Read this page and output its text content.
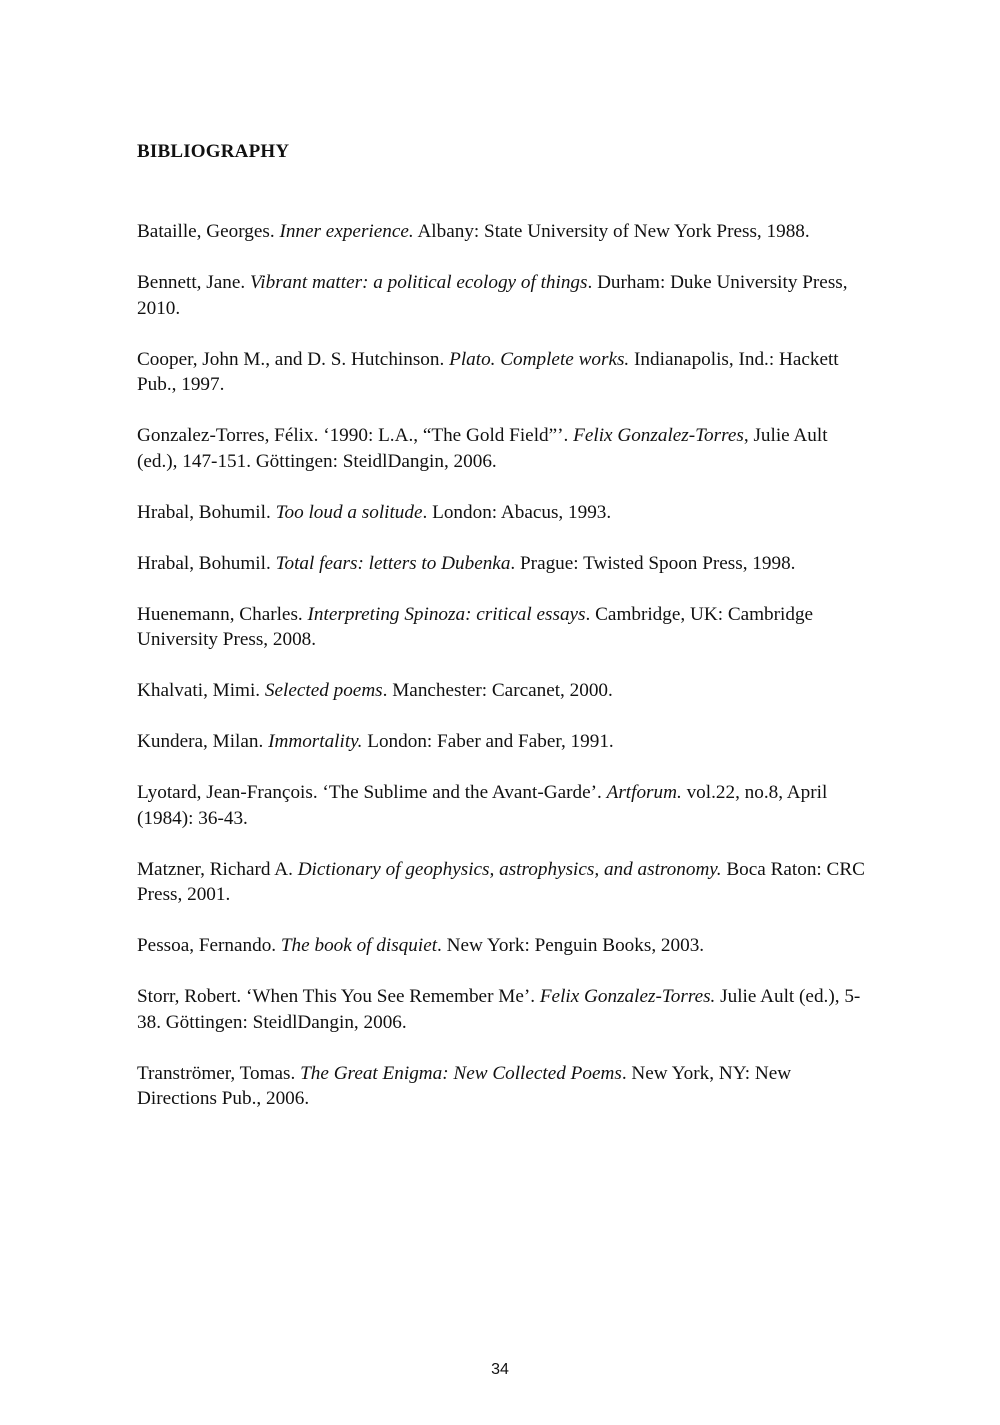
BIBLIOGRAPHY
Bataille, Georges. Inner experience. Albany: State University of New York Press, 1988.
Bennett, Jane. Vibrant matter: a political ecology of things. Durham: Duke University Press, 2010.
Cooper, John M., and D. S. Hutchinson. Plato. Complete works. Indianapolis, Ind.: Hackett Pub., 1997.
Gonzalez-Torres, Félix. ‘1990: L.A., “The Gold Field”’. Felix Gonzalez-Torres, Julie Ault (ed.), 147-151. Göttingen: SteidlDangin, 2006.
Hrabal, Bohumil. Too loud a solitude. London: Abacus, 1993.
Hrabal, Bohumil. Total fears: letters to Dubenka. Prague: Twisted Spoon Press, 1998.
Huenemann, Charles. Interpreting Spinoza: critical essays. Cambridge, UK: Cambridge University Press, 2008.
Khalvati, Mimi. Selected poems. Manchester: Carcanet, 2000.
Kundera, Milan. Immortality. London: Faber and Faber, 1991.
Lyotard, Jean-François. ‘The Sublime and the Avant-Garde’. Artforum. vol.22, no.8, April (1984): 36-43.
Matzner, Richard A. Dictionary of geophysics, astrophysics, and astronomy. Boca Raton: CRC Press, 2001.
Pessoa, Fernando. The book of disquiet. New York: Penguin Books, 2003.
Storr, Robert. ‘When This You See Remember Me’. Felix Gonzalez-Torres. Julie Ault (ed.), 5-38. Göttingen: SteidlDangin, 2006.
Tranströmer, Tomas. The Great Enigma: New Collected Poems. New York, NY: New Directions Pub., 2006.
34
